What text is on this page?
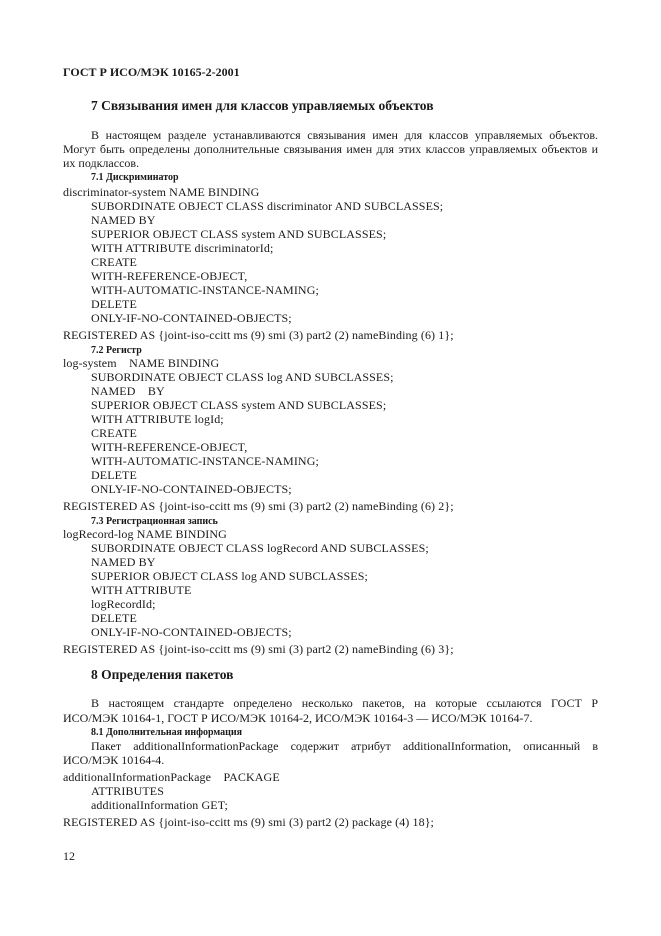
ГОСТ Р ИСО/МЭК 10165-2-2001
7 Связывания имен для классов управляемых объектов
В настоящем разделе устанавливаются связывания имен для классов управляемых объектов.
Могут быть определены дополнительные связывания имен для этих классов управляемых объектов и
их подклассов.
7.1 Дискриминатор
discriminator-system NAME BINDING
SUBORDINATE OBJECT CLASS discriminator AND SUBCLASSES;
NAMED BY
SUPERIOR OBJECT CLASS system AND SUBCLASSES;
WITH ATTRIBUTE discriminatorId;
CREATE
WITH-REFERENCE-OBJECT,
WITH-AUTOMATIC-INSTANCE-NAMING;
DELETE
ONLY-IF-NO-CONTAINED-OBJECTS;
REGISTERED AS {joint-iso-ccitt ms (9) smi (3) part2 (2) nameBinding (6) 1};
7.2 Регистр
log-system    NAME BINDING
SUBORDINATE OBJECT CLASS log AND SUBCLASSES;
NAMED    BY
SUPERIOR OBJECT CLASS system AND SUBCLASSES;
WITH ATTRIBUTE logId;
CREATE
WITH-REFERENCE-OBJECT,
WITH-AUTOMATIC-INSTANCE-NAMING;
DELETE
ONLY-IF-NO-CONTAINED-OBJECTS;
REGISTERED AS {joint-iso-ccitt ms (9) smi (3) part2 (2) nameBinding (6) 2};
7.3 Регистрационная запись
logRecord-log NAME BINDING
SUBORDINATE OBJECT CLASS logRecord AND SUBCLASSES;
NAMED BY
SUPERIOR OBJECT CLASS log AND SUBCLASSES;
WITH ATTRIBUTE
logRecordId;
DELETE
ONLY-IF-NO-CONTAINED-OBJECTS;
REGISTERED AS {joint-iso-ccitt ms (9) smi (3) part2 (2) nameBinding (6) 3};
8 Определения пакетов
В настоящем стандарте определено несколько пакетов, на которые ссылаются ГОСТ Р
ИСО/МЭК 10164-1, ГОСТ Р ИСО/МЭК 10164-2, ИСО/МЭК 10164-3 — ИСО/МЭК 10164-7.
8.1 Дополнительная информация
Пакет additionalInformationPackage содержит атрибут additionalInformation, описанный в
ИСО/МЭК 10164-4.
additionalInformationPackage    PACKAGE
ATTRIBUTES
additionalInformation GET;
REGISTERED AS {joint-iso-ccitt ms (9) smi (3) part2 (2) package (4) 18};
12
